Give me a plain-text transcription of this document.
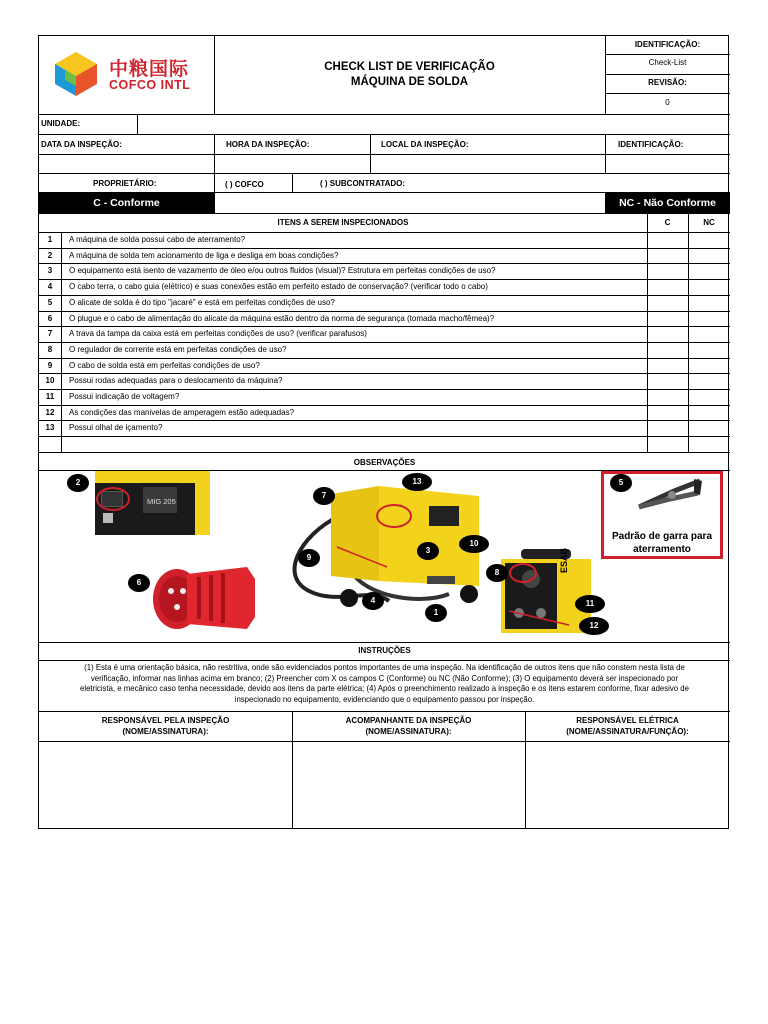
中粮国际
COFCO INTL
CHECK LIST DE VERIFICAÇÃO
MÁQUINA DE SOLDA
IDENTIFICAÇÃO:
Check-List
REVISÃO:
0
UNIDADE:
DATA DA INSPEÇÃO:	HORA DA INSPEÇÃO:	LOCAL DA INSPEÇÃO:	IDENTIFICAÇÃO:
PROPRIETÁRIO:	( ) COFCO	( ) SUBCONTRATADO:
C - Conforme	NC - Não Conforme
ITENS A SEREM INSPECIONADOS	C	NC
1	A máquina de solda possui cabo de aterramento?
2	A máquina de solda tem acionamento de liga e desliga em boas condições?
3	O equipamento está isento de vazamento de óleo e/ou outros fluidos (visual)? Estrutura em perfeitas condições de uso?
4	O cabo terra, o cabo guia (elétrico) e suas conexões estão em perfeito estado de conservação? (verificar todo o cabo)
5	O alicate de solda é do tipo "jacaré" e está em perfeitas condições de uso?
6	O plugue e o cabo de alimentação do alicate da máquina estão dentro da norma de segurança (tomada macho/fêmea)?
7	A trava da tampa da caixa está em perfeitas condições de uso? (verificar parafusos)
8	O regulador de corrente está em perfeitas condições de uso?
9	O cabo de solda está em perfeitas condições de uso?
10	Possui rodas adequadas para o deslocamento da máquina?
11	Possui indicação de voltagem?
12	As condições das manivelas de amperagem estão adequadas?
13	Possui olhal de içamento?
OBSERVAÇÕES
MIG 205
ESAB
Padrão de garra para
aterramento
2
7
13	5
10
3
9
8
6
4
1
11
12
INSTRUÇÕES
(1) Esta é uma orientação básica, não restritiva, onde são evidenciados pontos importantes de uma inspeção. Na identificação de outros itens que não constem nesta lista de
verificação, informar nas linhas acima em branco; (2) Preencher com X os campos C (Conforme) ou NC (Não Conforme); (3) O equipamento deverá ser inspecionado por
eletricista, e mecânico caso tenha necessidade, devido aos itens da parte elétrica; (4) Após o preenchimento realizado a inspeção e os itens estarem conforme, fixar adesivo de
inspecionado no equipamento, evidenciando que o equipamento passou por inspeção.
RESPONSÁVEL PELA INSPEÇÃO
(NOME/ASSINATURA):
ACOMPANHANTE DA INSPEÇÃO
(NOME/ASSINATURA):
RESPONSÁVEL ELÉTRICA
(NOME/ASSINATURA/FUNÇÃO):
